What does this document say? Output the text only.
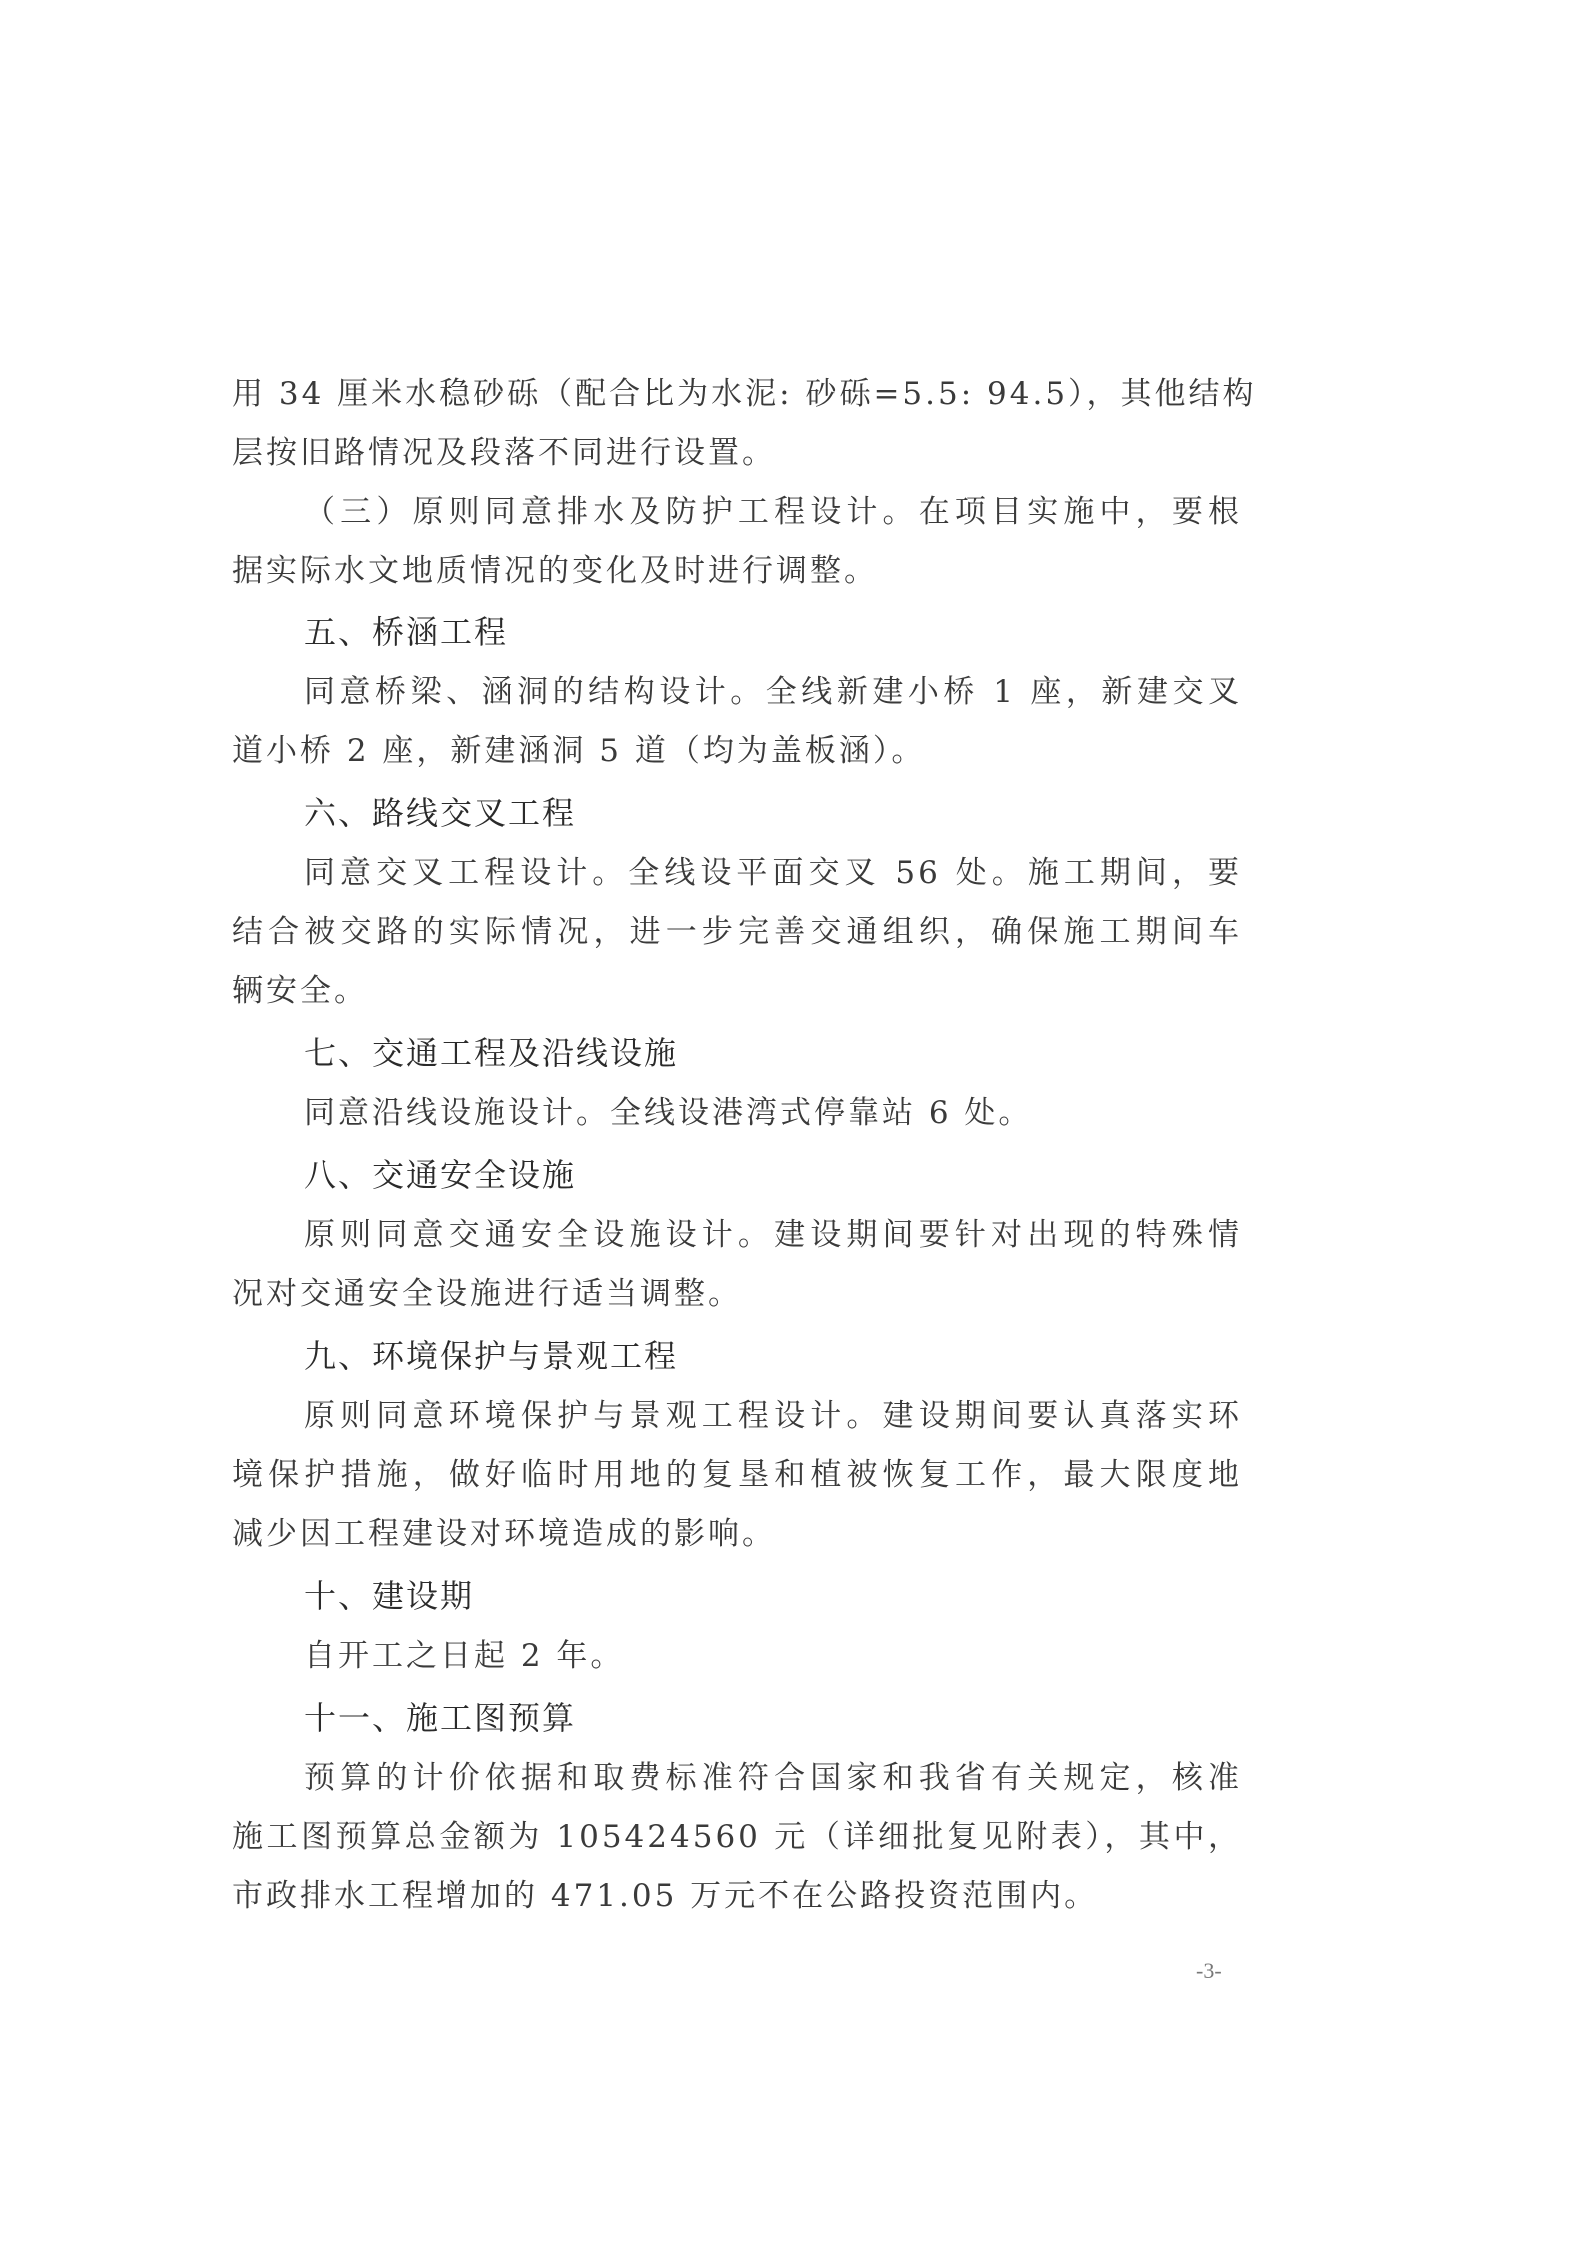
用 34 厘米水稳砂砾（配合比为水泥: 砂砾=5.5: 94.5），其他结构
层按旧路情况及段落不同进行设置。
（三）原则同意排水及防护工程设计。在项目实施中，要根
据实际水文地质情况的变化及时进行调整。
五、桥涵工程
同意桥梁、涵洞的结构设计。全线新建小桥 1 座，新建交叉
道小桥 2 座，新建涵洞 5 道（均为盖板涵）。
六、路线交叉工程
同意交叉工程设计。全线设平面交叉 56 处。施工期间，要
结合被交路的实际情况，进一步完善交通组织，确保施工期间车
辆安全。
七、交通工程及沿线设施
同意沿线设施设计。全线设港湾式停靠站 6 处。
八、交通安全设施
原则同意交通安全设施设计。建设期间要针对出现的特殊情
况对交通安全设施进行适当调整。
九、环境保护与景观工程
原则同意环境保护与景观工程设计。建设期间要认真落实环
境保护措施，做好临时用地的复垦和植被恢复工作，最大限度地
减少因工程建设对环境造成的影响。
十、建设期
自开工之日起 2 年。
十一、施工图预算
预算的计价依据和取费标准符合国家和我省有关规定，核准
施工图预算总金额为 105424560 元（详细批复见附表），其中，
市政排水工程增加的 471.05 万元不在公路投资范围内。
-3-
